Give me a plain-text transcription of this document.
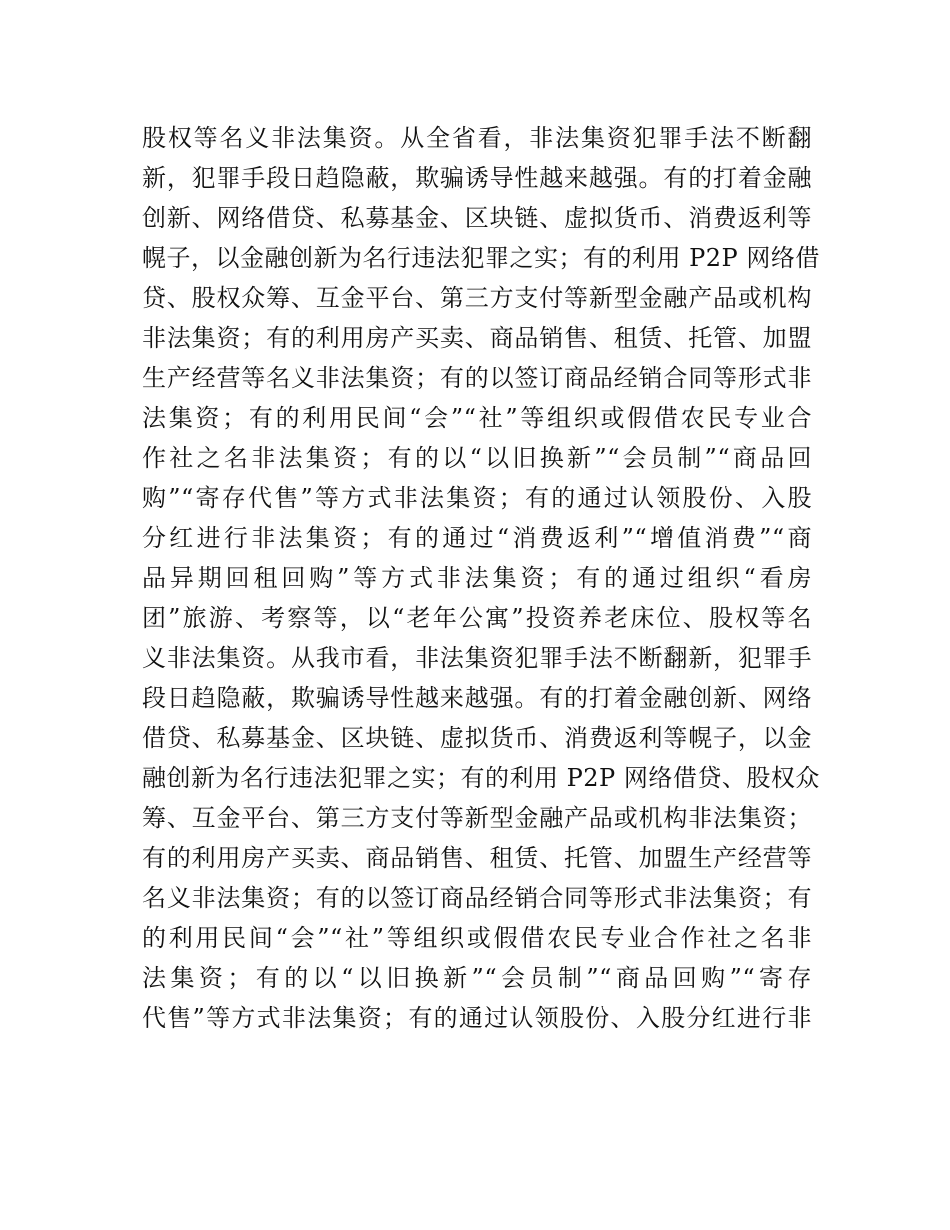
股权等名义非法集资。从全省看，非法集资犯罪手法不断翻
新，犯罪手段日趋隐蔽，欺骗诱导性越来越强。有的打着金融
创新、网络借贷、私募基金、区块链、虚拟货币、消费返利等
幌子，以金融创新为名行违法犯罪之实；有的利用 P2P 网络借
贷、股权众筹、互金平台、第三方支付等新型金融产品或机构
非法集资；有的利用房产买卖、商品销售、租赁、托管、加盟
生产经营等名义非法集资；有的以签订商品经销合同等形式非
法集资；有的利用民间“会”“社”等组织或假借农民专业合
作社之名非法集资；有的以“以旧换新”“会员制”“商品回
购”“寄存代售”等方式非法集资；有的通过认领股份、入股
分红进行非法集资；有的通过“消费返利”“增值消费”“商
品异期回租回购”等方式非法集资；有的通过组织“看房
团”旅游、考察等，以“老年公寓”投资养老床位、股权等名
义非法集资。从我市看，非法集资犯罪手法不断翻新，犯罪手
段日趋隐蔽，欺骗诱导性越来越强。有的打着金融创新、网络
借贷、私募基金、区块链、虚拟货币、消费返利等幌子，以金
融创新为名行违法犯罪之实；有的利用 P2P 网络借贷、股权众
筹、互金平台、第三方支付等新型金融产品或机构非法集资；
有的利用房产买卖、商品销售、租赁、托管、加盟生产经营等
名义非法集资；有的以签订商品经销合同等形式非法集资；有
的利用民间“会”“社”等组织或假借农民专业合作社之名非
法集资；有的以“以旧换新”“会员制”“商品回购”“寄存
代售”等方式非法集资；有的通过认领股份、入股分红进行非
